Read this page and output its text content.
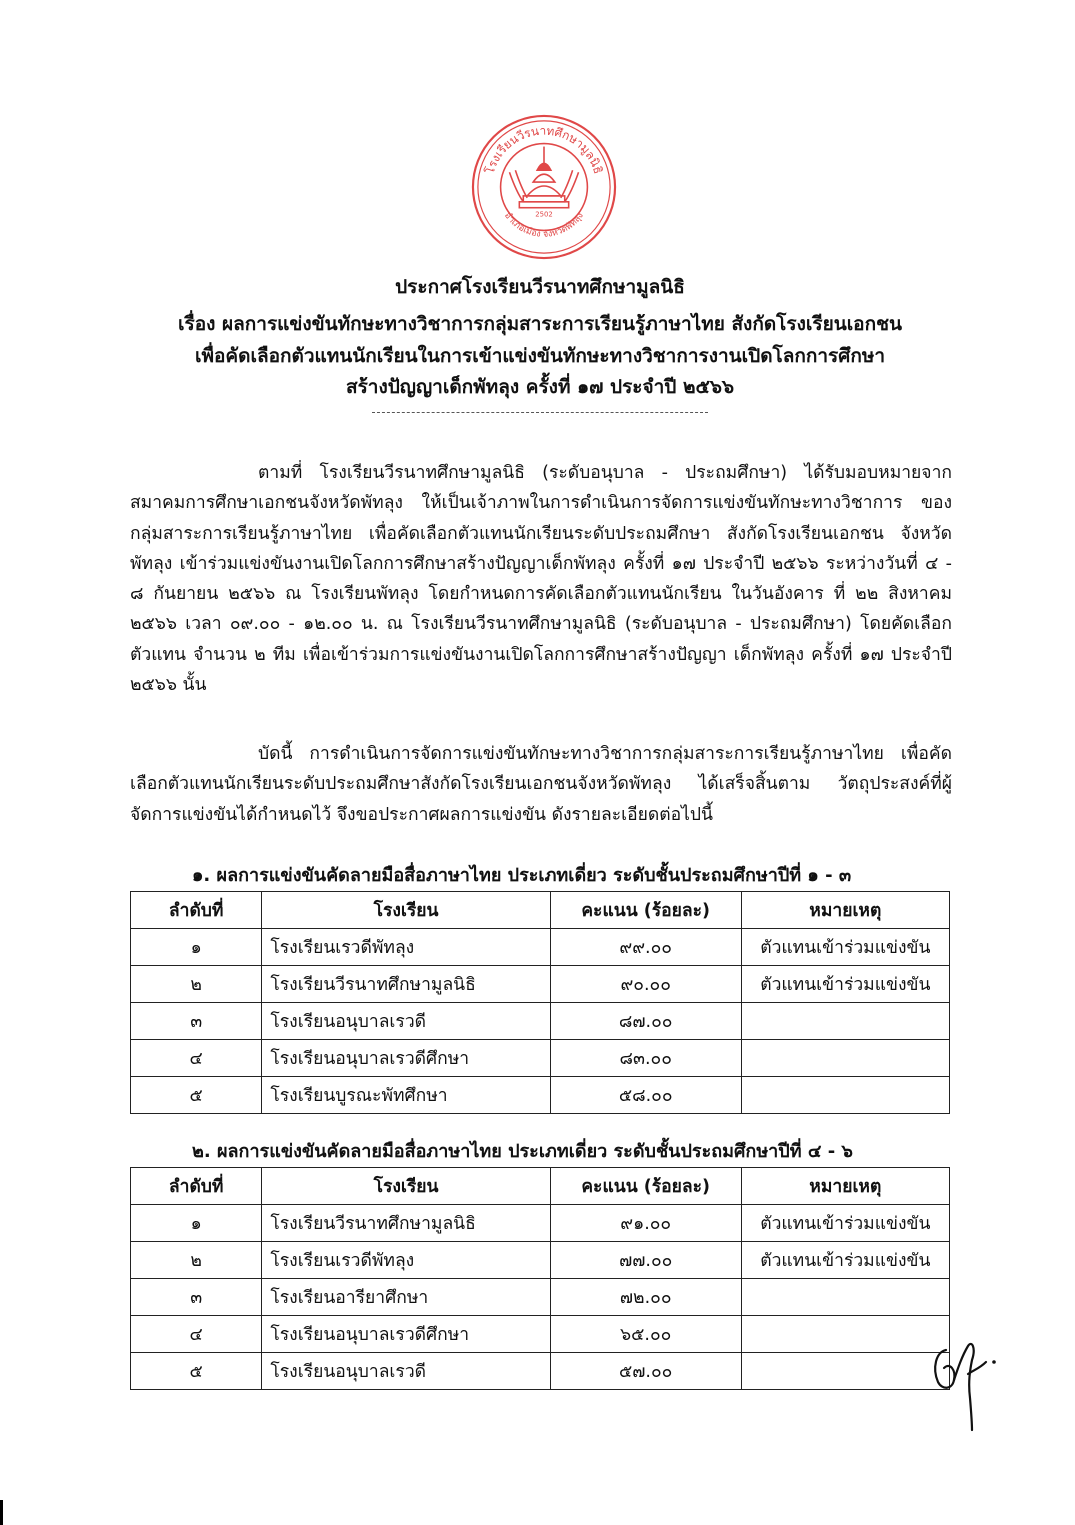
โรงเรียนวีรนาทศึกษามูลนิธิ
อำเภอเมือง จังหวัดพัทลุง
2502
ประกาศโรงเรียนวีรนาทศึกษามูลนิธิ
เรื่อง ผลการแข่งขันทักษะทางวิชาการกลุ่มสาระการเรียนรู้ภาษาไทย สังกัดโรงเรียนเอกชน
เพื่อคัดเลือกตัวแทนนักเรียนในการเข้าแข่งขันทักษะทางวิชาการงานเปิดโลกการศึกษา
สร้างปัญญาเด็กพัทลุง ครั้งที่ ๑๗ ประจำปี ๒๕๖๖

ตามที่ โรงเรียนวีรนาทศึกษามูลนิธิ (ระดับอนุบาล - ประถมศึกษา) ได้รับมอบหมายจาก สมาคมการศึกษาเอกชนจังหวัดพัทลุง ให้เป็นเจ้าภาพในการดำเนินการจัดการแข่งขันทักษะทางวิชาการ ของกลุ่มสาระการเรียนรู้ภาษาไทย เพื่อคัดเลือกตัวแทนนักเรียนระดับประถมศึกษา สังกัดโรงเรียนเอกชน จังหวัดพัทลุง เข้าร่วมแข่งขันงานเปิดโลกการศึกษาสร้างปัญญาเด็กพัทลุง ครั้งที่ ๑๗ ประจำปี ๒๕๖๖ ระหว่างวันที่ ๔ - ๘ กันยายน ๒๕๖๖ ณ โรงเรียนพัทลุง โดยกำหนดการคัดเลือกตัวแทนนักเรียน ในวันอังคาร ที่ ๒๒ สิงหาคม ๒๕๖๖ เวลา ๐๙.๐๐ - ๑๒.๐๐ น. ณ โรงเรียนวีรนาทศึกษามูลนิธิ (ระดับอนุบาล - ประถมศึกษา) โดยคัดเลือกตัวแทน จำนวน ๒ ทีม เพื่อเข้าร่วมการแข่งขันงานเปิดโลกการศึกษาสร้างปัญญา เด็กพัทลุง ครั้งที่ ๑๗ ประจำปี ๒๕๖๖ นั้น

บัดนี้ การดำเนินการจัดการแข่งขันทักษะทางวิชาการกลุ่มสาระการเรียนรู้ภาษาไทย เพื่อคัดเลือกตัวแทนนักเรียนระดับประถมศึกษาสังกัดโรงเรียนเอกชนจังหวัดพัทลุง ได้เสร็จสิ้นตาม วัตถุประสงค์ที่ผู้จัดการแข่งขันได้กำหนดไว้ จึงขอประกาศผลการแข่งขัน ดังรายละเอียดต่อไปนี้

๑. ผลการแข่งขันคัดลายมือสื่อภาษาไทย ประเภทเดี่ยว ระดับชั้นประถมศึกษาปีที่ ๑ - ๓
ลำดับที่	โรงเรียน	คะแนน (ร้อยละ)	หมายเหตุ
๑	โรงเรียนเรวดีพัทลุง	๙๙.๐๐	ตัวแทนเข้าร่วมแข่งขัน
๒	โรงเรียนวีรนาทศึกษามูลนิธิ	๙๐.๐๐	ตัวแทนเข้าร่วมแข่งขัน
๓	โรงเรียนอนุบาลเรวดี	๘๗.๐๐	
๔	โรงเรียนอนุบาลเรวดีศึกษา	๘๓.๐๐	
๕	โรงเรียนบูรณะพัทศึกษา	๕๘.๐๐	
๒. ผลการแข่งขันคัดลายมือสื่อภาษาไทย ประเภทเดี่ยว ระดับชั้นประถมศึกษาปีที่ ๔ - ๖
ลำดับที่	โรงเรียน	คะแนน (ร้อยละ)	หมายเหตุ
๑	โรงเรียนวีรนาทศึกษามูลนิธิ	๙๑.๐๐	ตัวแทนเข้าร่วมแข่งขัน
๒	โรงเรียนเรวดีพัทลุง	๗๗.๐๐	ตัวแทนเข้าร่วมแข่งขัน
๓	โรงเรียนอารียาศึกษา	๗๒.๐๐	
๔	โรงเรียนอนุบาลเรวดีศึกษา	๖๕.๐๐	
๕	โรงเรียนอนุบาลเรวดี	๕๗.๐๐	
